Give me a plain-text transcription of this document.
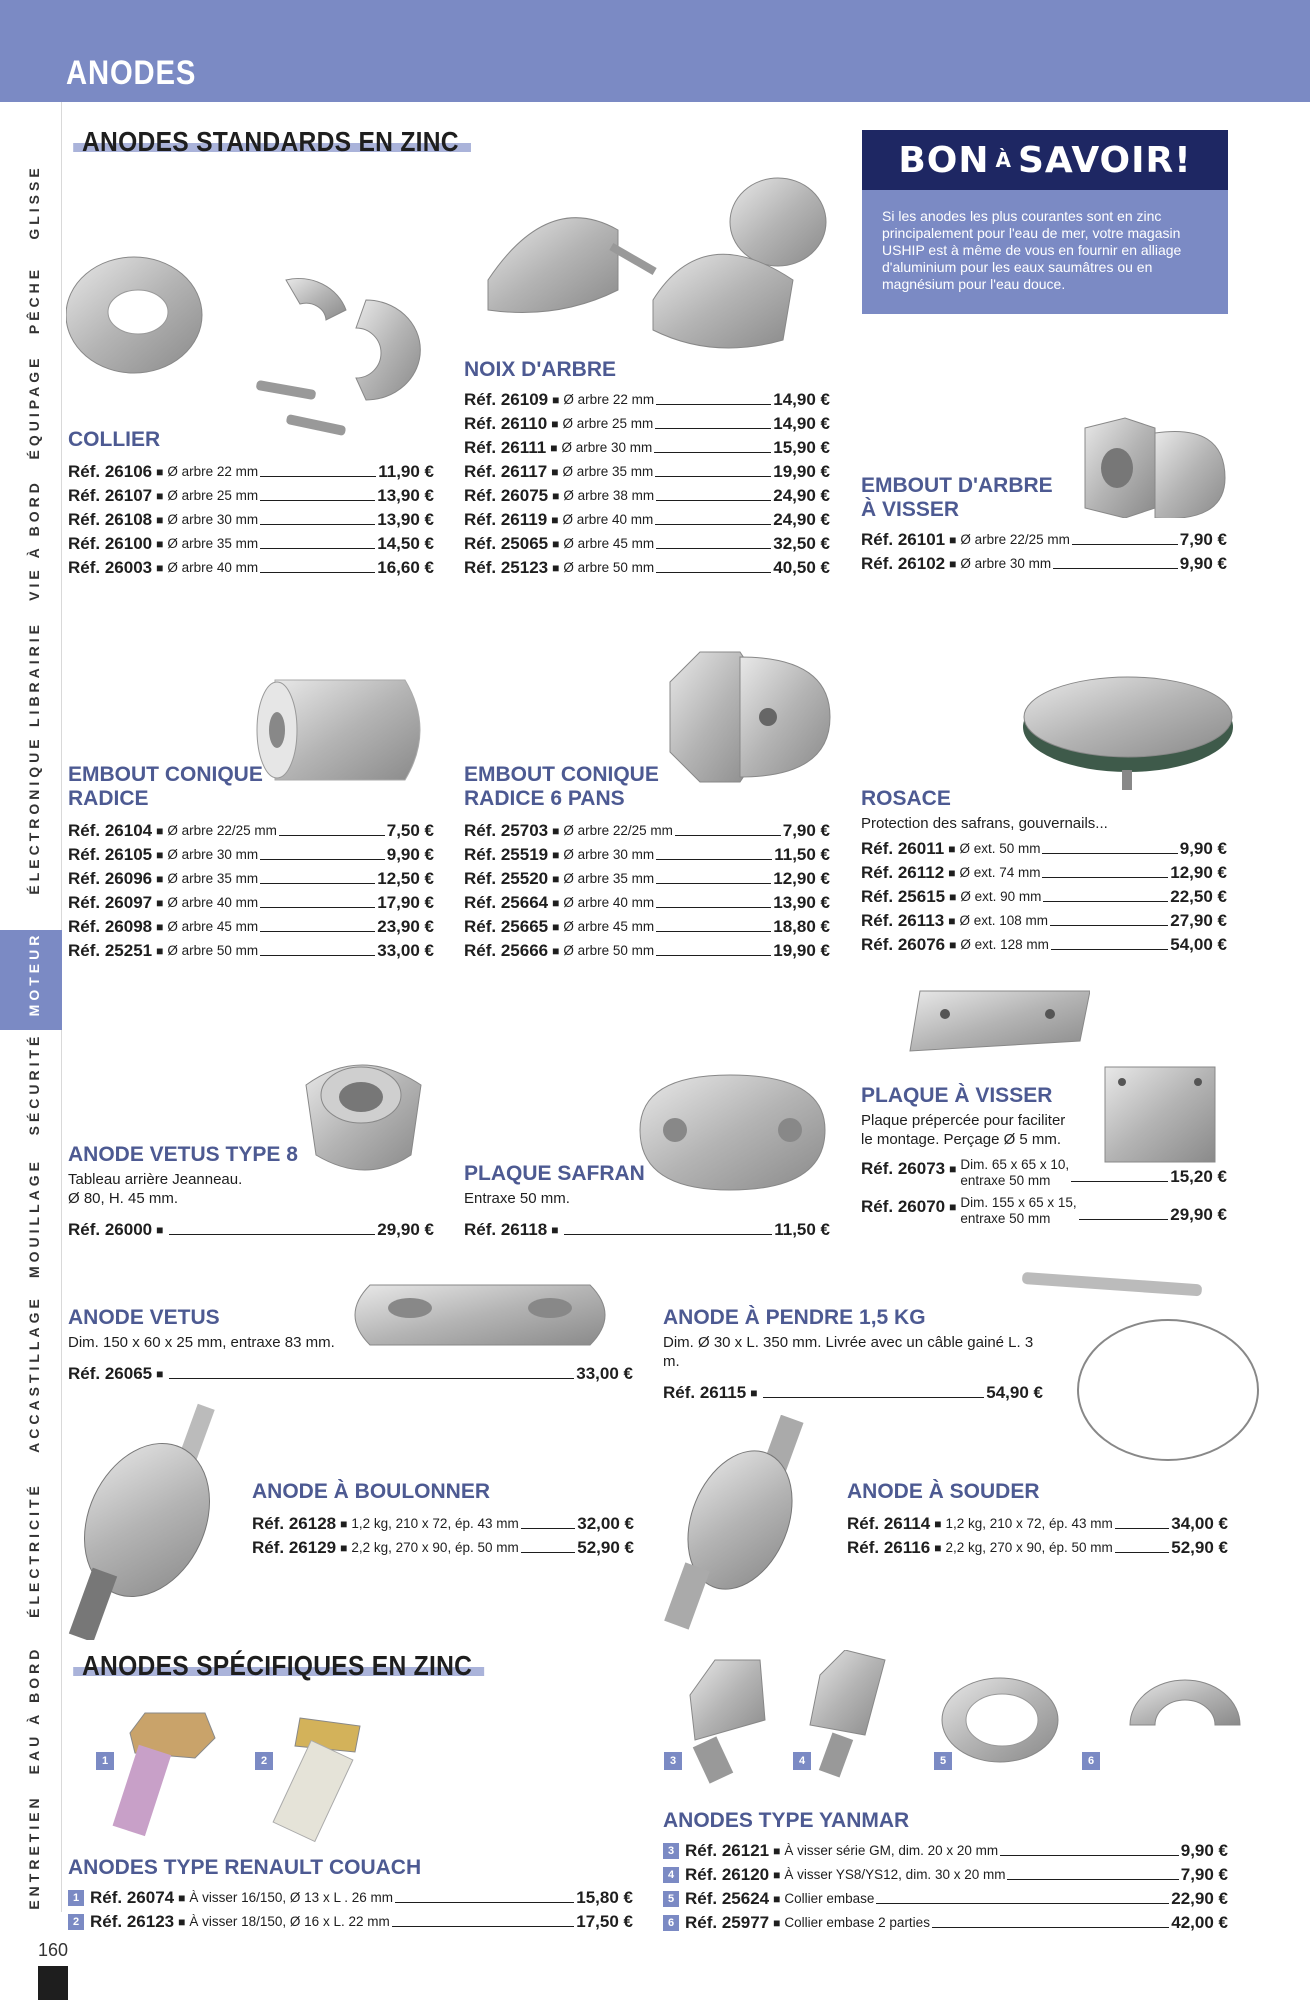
ANODES
GLISSE
PÊCHE
ÉQUIPAGE
VIE À BORD
LIBRAIRIE
ÉLECTRONIQUE
MOTEUR
SÉCURITÉ
MOUILLAGE
ACCASTILLAGE
ÉLECTRICITÉ
EAU À BORD
ENTRETIEN
160
ANODES STANDARDS EN ZINC	BON À SAVOIR!
Si les anodes les plus courantes sont en zinc principalement pour l'eau de mer, votre magasin USHIP est à même de vous en fournir en alliage d'aluminium pour les eaux saumâtres ou en magnésium pour l'eau douce.
COLLIER
Réf. 26106 ■ Ø arbre 22 mm	11,90 €
Réf. 26107 ■ Ø arbre 25 mm	13,90 €
Réf. 26108 ■ Ø arbre 30 mm	13,90 €
Réf. 26100 ■ Ø arbre 35 mm	14,50 €
Réf. 26003 ■ Ø arbre 40 mm	16,60 €
NOIX D'ARBRE
Réf. 26109 ■ Ø arbre 22 mm	14,90 €
Réf. 26110 ■ Ø arbre 25 mm	14,90 €
Réf. 26111 ■ Ø arbre 30 mm	15,90 €
Réf. 26117 ■ Ø arbre 35 mm	19,90 €
Réf. 26075 ■ Ø arbre 38 mm	24,90 €
Réf. 26119 ■ Ø arbre 40 mm	24,90 €
Réf. 25065 ■ Ø arbre 45 mm	32,50 €
Réf. 25123 ■ Ø arbre 50 mm	40,50 €
EMBOUT D'ARBRE
À VISSER
Réf. 26101 ■ Ø arbre 22/25 mm	7,90 €
Réf. 26102 ■ Ø arbre 30 mm	9,90 €
EMBOUT CONIQUE
RADICE
Réf. 26104 ■ Ø arbre 22/25 mm	7,50 €
Réf. 26105 ■ Ø arbre 30 mm	9,90 €
Réf. 26096 ■ Ø arbre 35 mm	12,50 €
Réf. 26097 ■ Ø arbre 40 mm	17,90 €
Réf. 26098 ■ Ø arbre 45 mm	23,90 €
Réf. 25251 ■ Ø arbre 50 mm	33,00 €
EMBOUT CONIQUE
RADICE 6 PANS
Réf. 25703 ■ Ø arbre 22/25 mm	7,90 €
Réf. 25519 ■ Ø arbre 30 mm	11,50 €
Réf. 25520 ■ Ø arbre 35 mm	12,90 €
Réf. 25664 ■ Ø arbre 40 mm	13,90 €
Réf. 25665 ■ Ø arbre 45 mm	18,80 €
Réf. 25666 ■ Ø arbre 50 mm	19,90 €
ROSACE
Protection des safrans, gouvernails...
Réf. 26011 ■ Ø ext. 50 mm	9,90 €
Réf. 26112 ■ Ø ext. 74 mm	12,90 €
Réf. 25615 ■ Ø ext. 90 mm	22,50 €
Réf. 26113 ■ Ø ext. 108 mm	27,90 €
Réf. 26076 ■ Ø ext. 128 mm	54,00 €
ANODE VETUS TYPE 8
Tableau arrière Jeanneau.
Ø 80, H. 45 mm.
Réf. 26000 ■	29,90 €
PLAQUE SAFRAN
Entraxe 50 mm.
Réf. 26118 ■	11,50 €
PLAQUE À VISSER
Plaque prépercée pour faciliter
le montage. Perçage Ø 5 mm.
Réf. 26073 ■ Dim. 65 x 65 x 10,
entraxe 50 mm	15,20 €
Réf. 26070 ■ Dim. 155 x 65 x 15,
entraxe 50 mm	29,90 €
ANODE VETUS
Dim. 150 x 60 x 25 mm, entraxe 83 mm.
Réf. 26065 ■	33,00 €
ANODE À PENDRE 1,5 KG
Dim. Ø 30 x L. 350 mm. Livrée avec un câble gainé L. 3 m.
Réf. 26115 ■	54,90 €
ANODE À BOULONNER
Réf. 26128 ■ 1,2 kg, 210 x 72, ép. 43 mm	32,00 €
Réf. 26129 ■ 2,2 kg, 270 x 90, ép. 50 mm	52,90 €
ANODE À SOUDER
Réf. 26114 ■ 1,2 kg, 210 x 72, ép. 43 mm	34,00 €
Réf. 26116 ■ 2,2 kg, 270 x 90, ép. 50 mm	52,90 €
ANODES SPÉCIFIQUES EN ZINC
1	2
ANODES TYPE RENAULT COUACH
1 Réf. 26074 ■ À visser 16/150, Ø 13 x L . 26 mm	15,80 €
2 Réf. 26123 ■ À visser 18/150, Ø 16 x L. 22 mm	17,50 €
3	4	5	6
ANODES TYPE YANMAR
3 Réf. 26121 ■ À visser série GM, dim. 20 x 20 mm	9,90 €
4 Réf. 26120 ■ À visser YS8/YS12, dim. 30 x 20 mm	7,90 €
5 Réf. 25624 ■ Collier embase	22,90 €
6 Réf. 25977 ■ Collier embase 2 parties	42,00 €
